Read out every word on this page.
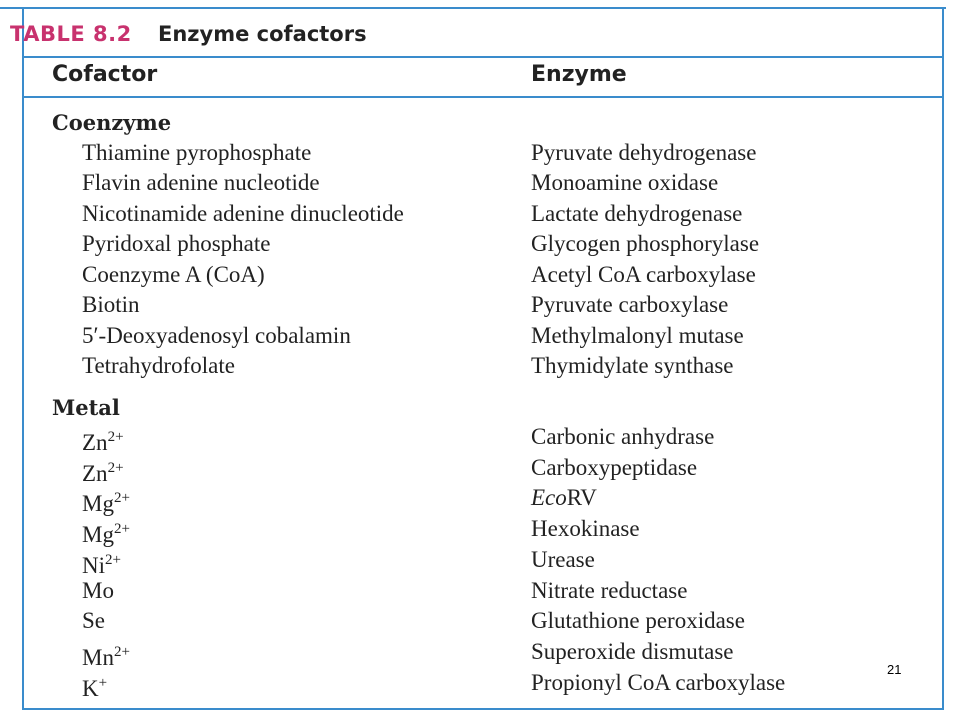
TABLE 8.2 Enzyme cofactors
Cofactor	Enzyme
Coenzyme
Thiamine pyrophosphate	Pyruvate dehydrogenase
Flavin adenine nucleotide	Monoamine oxidase
Nicotinamide adenine dinucleotide	Lactate dehydrogenase
Pyridoxal phosphate	Glycogen phosphorylase
Coenzyme A (CoA)	Acetyl CoA carboxylase
Biotin	Pyruvate carboxylase
5′-Deoxyadenosyl cobalamin	Methylmalonyl mutase
Tetrahydrofolate	Thymidylate synthase
Metal
$Zn^{2+}$	Carbonic anhydrase
$Zn^{2+}$	Carboxypeptidase
$Mg^{2+}$	EcoRV
$Mg^{2+}$	Hexokinase
$Ni^{2+}$	Urease
Mo	Nitrate reductase
Se	Glutathione peroxidase
$Mn^{2+}$	Superoxide dismutase
K+	Propionyl CoA carboxylase
21
